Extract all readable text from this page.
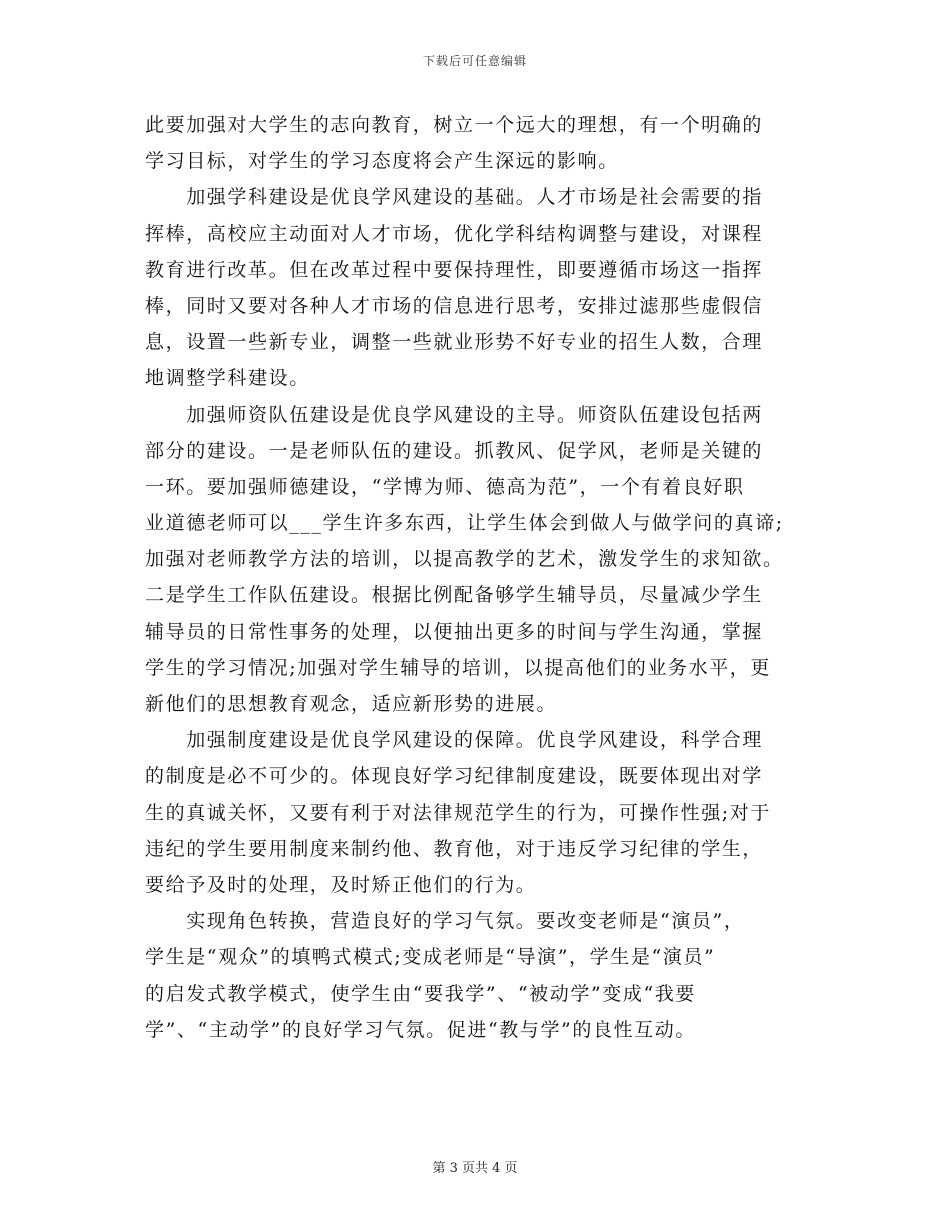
下载后可任意编辑
此要加强对大学生的志向教育，树立一个远大的理想，有一个明确的
学习目标，对学生的学习态度将会产生深远的影响。
　　加强学科建设是优良学风建设的基础。人才市场是社会需要的指
挥棒，高校应主动面对人才市场，优化学科结构调整与建设，对课程
教育进行改革。但在改革过程中要保持理性，即要遵循市场这一指挥
棒，同时又要对各种人才市场的信息进行思考，安排过滤那些虚假信
息，设置一些新专业，调整一些就业形势不好专业的招生人数，合理
地调整学科建设。
　　加强师资队伍建设是优良学风建设的主导。师资队伍建设包括两
部分的建设。一是老师队伍的建设。抓教风、促学风，老师是关键的
一环。要加强师德建设，“学博为师、德高为范”，一个有着良好职
业道德老师可以___学生许多东西，让学生体会到做人与做学问的真谛;
加强对老师教学方法的培训，以提高教学的艺术，激发学生的求知欲。
二是学生工作队伍建设。根据比例配备够学生辅导员，尽量减少学生
辅导员的日常性事务的处理，以便抽出更多的时间与学生沟通，掌握
学生的学习情况;加强对学生辅导的培训，以提高他们的业务水平，更
新他们的思想教育观念，适应新形势的进展。
　　加强制度建设是优良学风建设的保障。优良学风建设，科学合理
的制度是必不可少的。体现良好学习纪律制度建设，既要体现出对学
生的真诚关怀，又要有利于对法律规范学生的行为，可操作性强;对于
违纪的学生要用制度来制约他、教育他，对于违反学习纪律的学生，
要给予及时的处理，及时矫正他们的行为。
　　实现角色转换，营造良好的学习气氛。要改变老师是“演员”，
学生是“观众”的填鸭式模式;变成老师是“导演”，学生是“演员”
的启发式教学模式，使学生由“要我学”、“被动学”变成“我要
学”、“主动学”的良好学习气氛。促进“教与学”的良性互动。
第 3 页共 4 页
